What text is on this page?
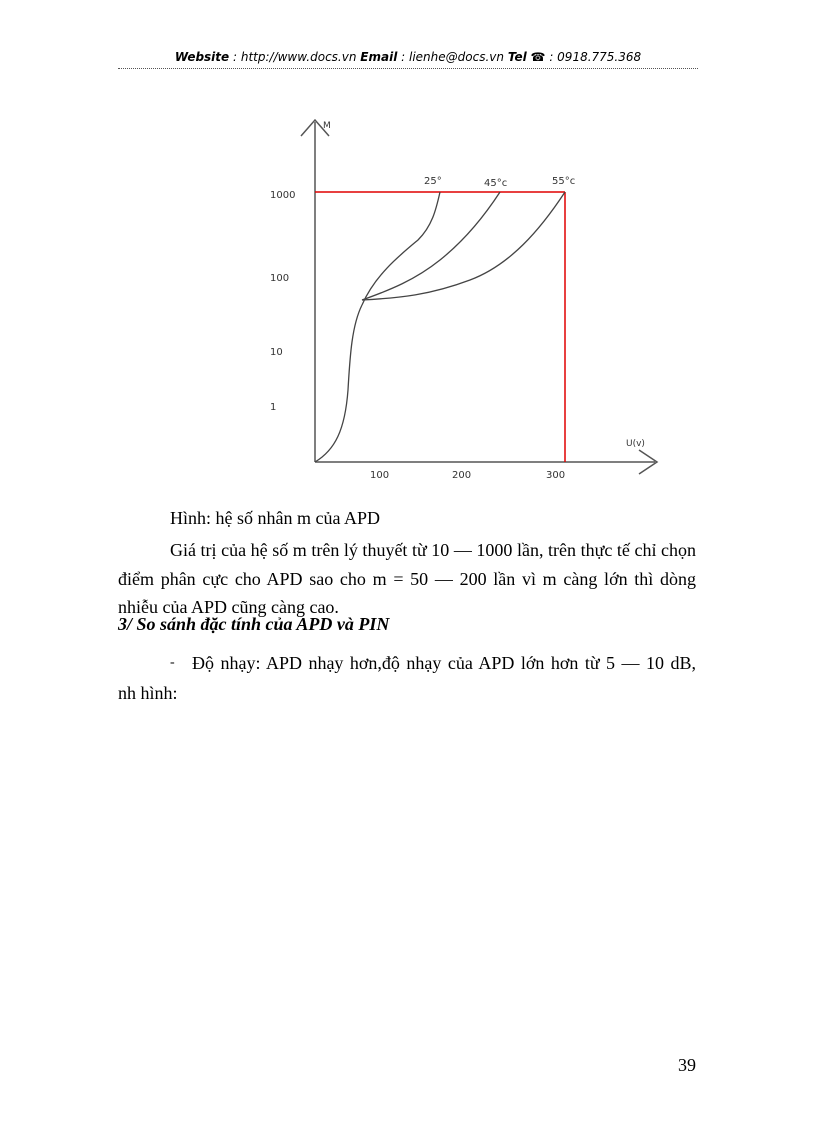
Website : http://www.docs.vn Email : lienhe@docs.vn Tel ☎ : 0918.775.368
M
U(v)
1000
100
10
1
100	200	300
25°	45°c	55°c
Hình: hệ số nhân m của APD
Giá trị của hệ số m trên lý thuyết từ 10 — 1000 lần, trên thực tế chỉ chọn điểm phân cực cho APD sao cho m = 50 — 200 lần vì m càng lớn thì dòng nhiễu của APD cũng càng cao.
3/ So sánh đặc tính của APD và PIN
- Độ nhạy: APD nhạy hơn,độ nhạy của APD lớn hơn từ 5 — 10 dB,
nh hình:
39
